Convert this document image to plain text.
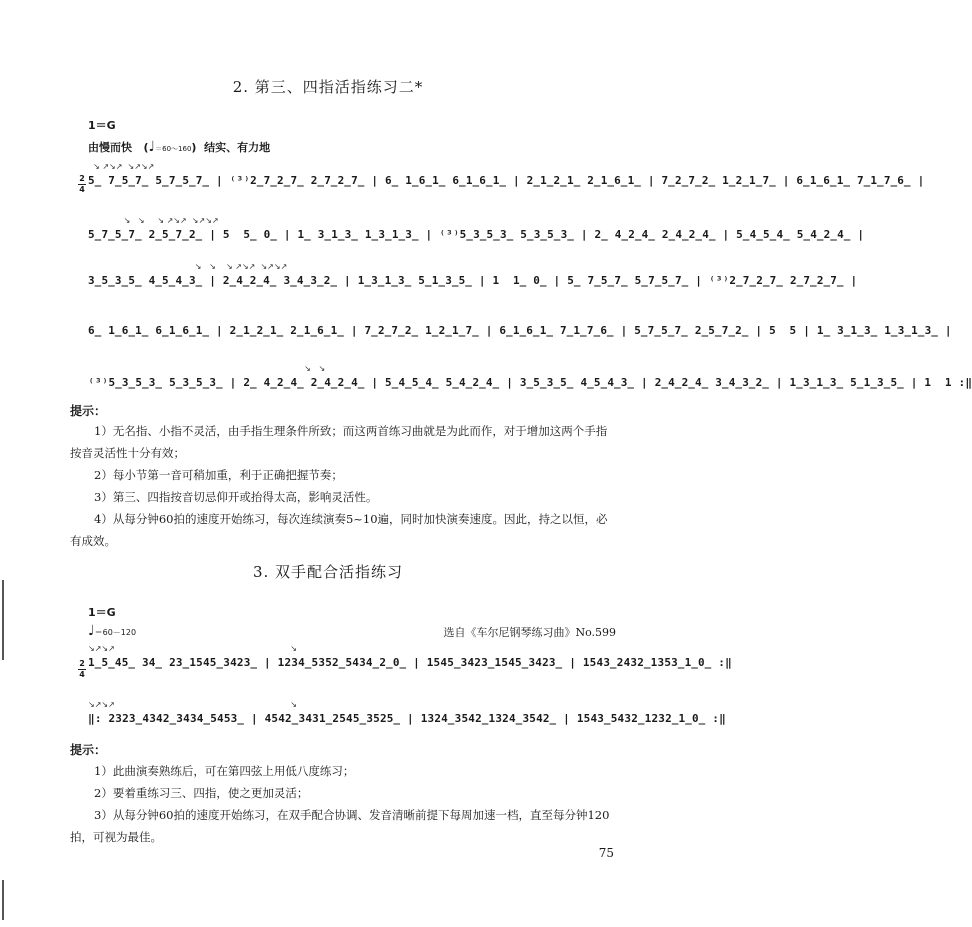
2. 第三、四指活指练习二*
1＝G
由慢而快   (♩＝60～160)  结实、有力地
2
4
↘ ↗↘↗  ↘↗↘↗
5̲ 7̲5̲7̲ 5̲7̲5̲7̲ | ⁽³⁾2̲7̲2̲7̲ 2̲7̲2̲7̲ | 6̲ 1̲6̲1̲ 6̲1̲6̲1̲ | 2̲1̲2̲1̲ 2̲1̲6̲1̲ | 7̲2̲7̲2̲ 1̲2̲1̲7̲ | 6̲1̲6̲1̲ 7̲1̲7̲6̲ |
↘   ↘     ↘ ↗↘↗  ↘↗↘↗
5̲7̲5̲7̲ 2̲5̲7̲2̲ | 5  5̲ 0̲ | 1̲ 3̲1̲3̲ 1̲3̲1̲3̲ | ⁽³⁾5̲3̲5̲3̲ 5̲3̲5̲3̲ | 2̲ 4̲2̲4̲ 2̲4̲2̲4̲ | 5̲4̲5̲4̲ 5̲4̲2̲4̲ |
↘   ↘    ↘ ↗↘↗  ↘↗↘↗
3̲5̲3̲5̲ 4̲5̲4̲3̲ | 2̲4̲2̲4̲ 3̲4̲3̲2̲ | 1̲3̲1̲3̲ 5̲1̲3̲5̲ | 1  1̲ 0̲ | 5̲ 7̲5̲7̲ 5̲7̲5̲7̲ | ⁽³⁾2̲7̲2̲7̲ 2̲7̲2̲7̲ |
6̲ 1̲6̲1̲ 6̲1̲6̲1̲ | 2̲1̲2̲1̲ 2̲1̲6̲1̲ | 7̲2̲7̲2̲ 1̲2̲1̲7̲ | 6̲1̲6̲1̲ 7̲1̲7̲6̲ | 5̲7̲5̲7̲ 2̲5̲7̲2̲ | 5  5 | 1̲ 3̲1̲3̲ 1̲3̲1̲3̲ |
↘   ↘
⁽³⁾5̲3̲5̲3̲ 5̲3̲5̲3̲ | 2̲ 4̲2̲4̲ 2̲4̲2̲4̲ | 5̲4̲5̲4̲ 5̲4̲2̲4̲ | 3̲5̲3̲5̲ 4̲5̲4̲3̲ | 2̲4̲2̲4̲ 3̲4̲3̲2̲ | 1̲3̲1̲3̲ 5̲1̲3̲5̲ | 1  1 :‖
提示：
1）无名指、小指不灵活，由手指生理条件所致；而这两首练习曲就是为此而作，对于增加这两个手指按音灵活性十分有效；
2）每小节第一音可稍加重，利于正确把握节奏；
3）第三、四指按音切忌仰开或抬得太高，影响灵活性。
4）从每分钟60拍的速度开始练习，每次连续演奏5~10遍，同时加快演奏速度。因此，持之以恒，必有成效。
3. 双手配合活指练习
1＝G
♩＝60－120	选自《车尔尼钢琴练习曲》No.599
2
4
↘↗↘↗                                                                     ↘
1̲5̲45̲ 34̲ 23̲1545̲3423̲ | 1234̲5352̲5434̲2̲0̲ | 1545̲3423̲1545̲3423̲ | 1543̲2432̲1353̲1̲0̲ :‖
↘↗↘↗                                                                     ↘
‖: 2323̲4342̲3434̲5453̲ | 4542̲3431̲2545̲3525̲ | 1324̲3542̲1324̲3542̲ | 1543̲5432̲1232̲1̲0̲ :‖
提示：
1）此曲演奏熟练后，可在第四弦上用低八度练习；
2）要着重练习三、四指，使之更加灵活；
3）从每分钟60拍的速度开始练习，在双手配合协调、发音清晰前提下每周加速一档，直至每分钟120拍，可视为最佳。
75
